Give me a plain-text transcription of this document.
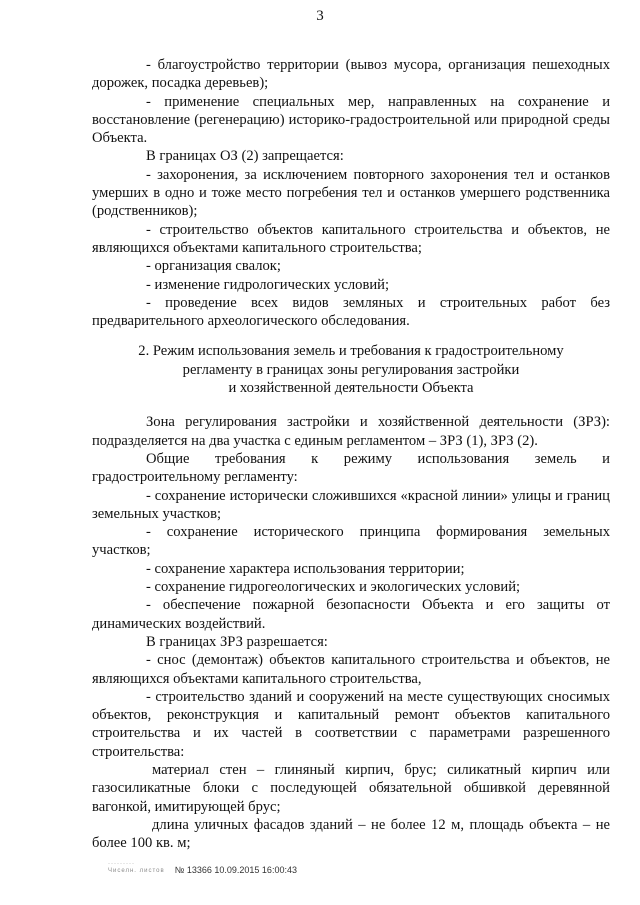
3

- благоустройство территории (вывоз мусора, организация пешеходных дорожек, посадка деревьев);

- применение специальных мер, направленных на сохранение и восстановление (регенерацию) историко-градостроительной или природной среды Объекта.

В границах ОЗ (2) запрещается:

- захоронения, за исключением повторного захоронения тел и останков умерших в одно и тоже место погребения тел и останков умершего родственника (родственников);

- строительство объектов капитального строительства и объектов, не являющихся объектами капитального строительства;

- организация свалок;

- изменение гидрологических условий;

- проведение всех видов земляных и строительных работ без предварительного археологического обследования.

2. Режим использования земель и требования к градостроительному

регламенту в границах зоны регулирования застройки

и хозяйственной деятельности Объекта

Зона регулирования застройки и хозяйственной деятельности (ЗРЗ): подразделяется на два участка с единым регламентом – ЗРЗ (1), ЗРЗ (2).

Общие требования к режиму использования земель и градостроительному регламенту:

- сохранение исторически сложившихся «красной линии» улицы и границ земельных участков;

- сохранение исторического принципа формирования земельных участков;

- сохранение характера использования территории;

- сохранение гидрогеологических и экологических условий;

- обеспечение пожарной безопасности Объекта и его защиты от динамических воздействий.

В границах ЗРЗ разрешается:

- снос (демонтаж) объектов капитального строительства и объектов, не являющихся объектами капитального строительства,

- строительство зданий и сооружений на месте существующих сносимых объектов, реконструкция и капитальный ремонт объектов капитального строительства и их частей в соответствии с параметрами разрешенного строительства:

материал стен – глиняный кирпич, брус; силикатный кирпич или газосиликатные блоки с последующей обязательной обшивкой деревянной вагонкой, имитирующей брус;

длина уличных фасадов зданий – не более 12 м, площадь объекта – не более 100 кв. м;

·········
Чиселн. листов № 13366 10.09.2015 16:00:43
